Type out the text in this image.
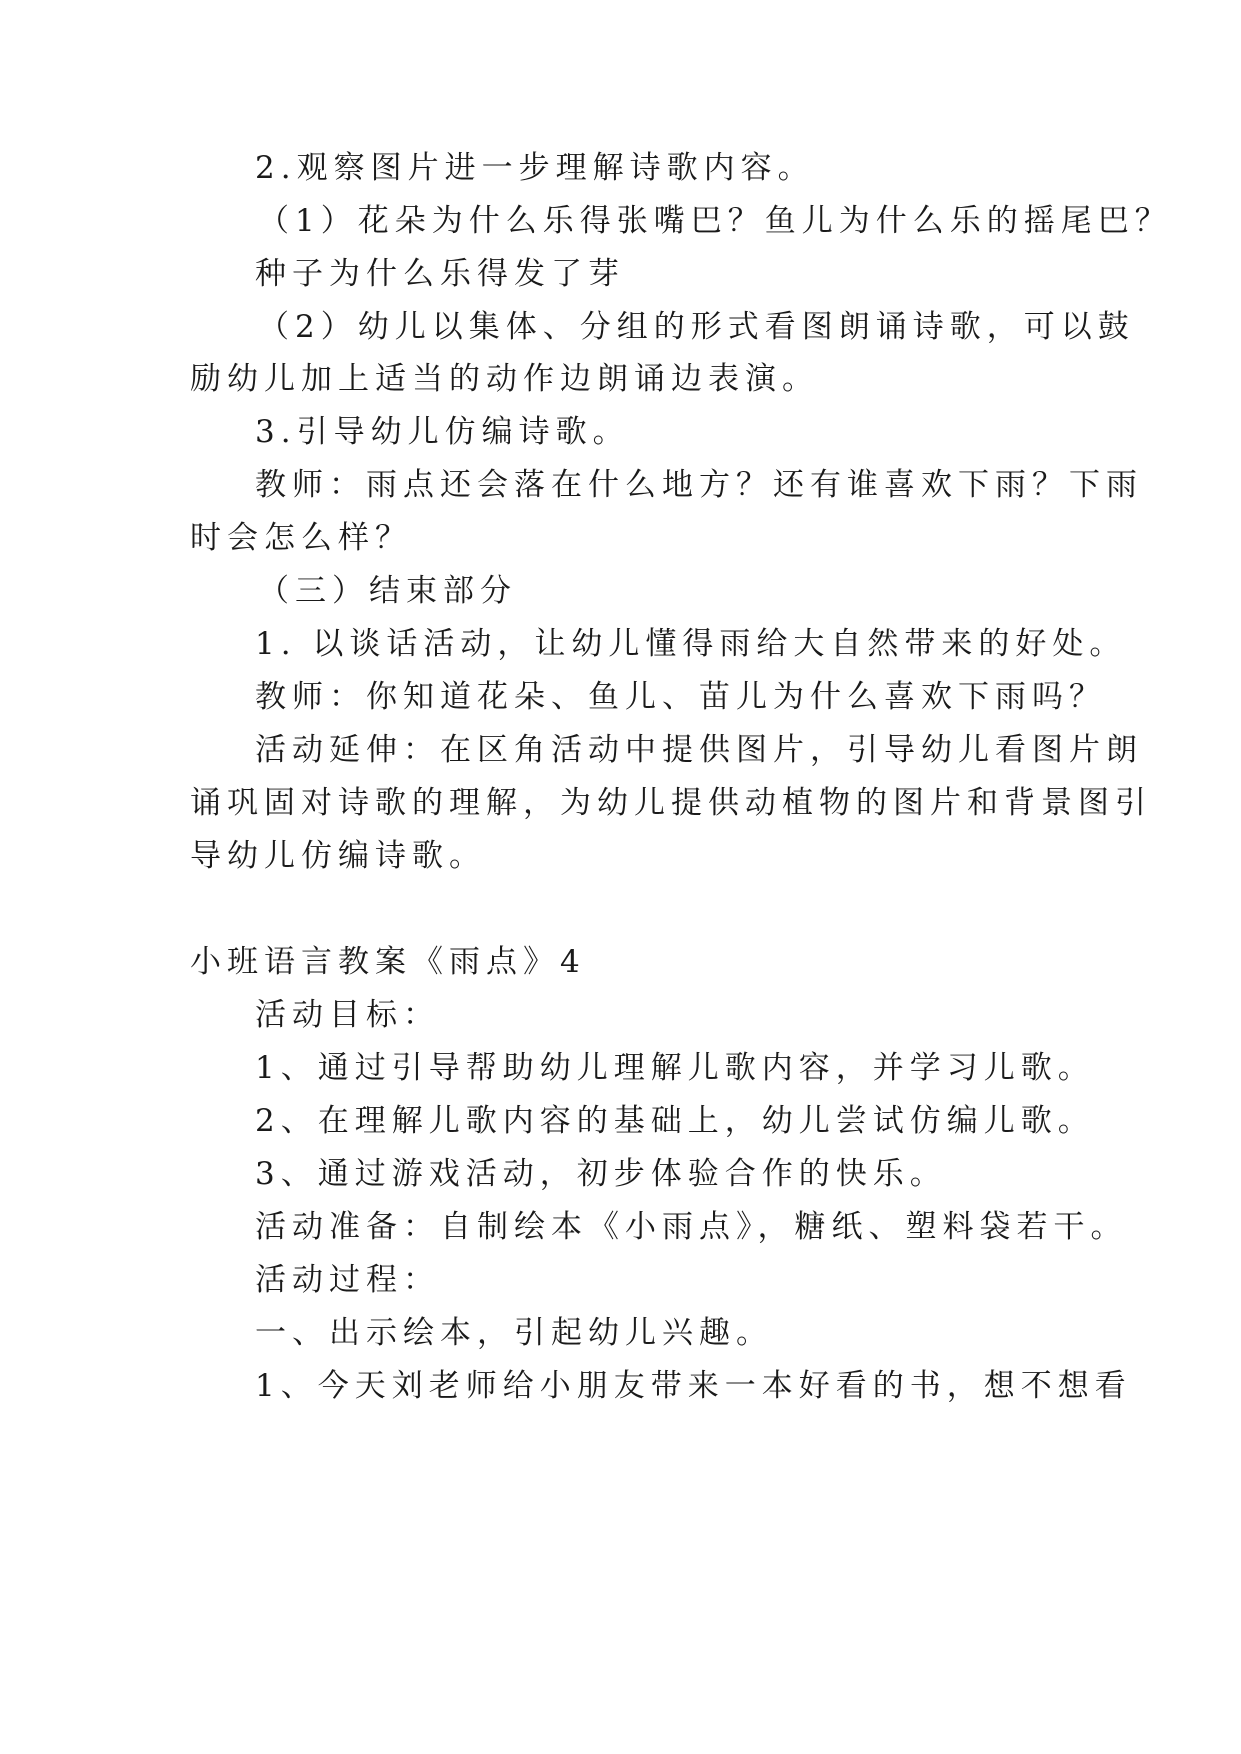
2.观察图片进一步理解诗歌内容。
（1）花朵为什么乐得张嘴巴？鱼儿为什么乐的摇尾巴？
种子为什么乐得发了芽
（2）幼儿以集体、分组的形式看图朗诵诗歌，可以鼓
励幼儿加上适当的动作边朗诵边表演。
3.引导幼儿仿编诗歌。
教师：雨点还会落在什么地方？还有谁喜欢下雨？下雨
时会怎么样？
（三）结束部分
1. 以谈话活动，让幼儿懂得雨给大自然带来的好处。
教师：你知道花朵、鱼儿、苗儿为什么喜欢下雨吗？
活动延伸：在区角活动中提供图片，引导幼儿看图片朗
诵巩固对诗歌的理解，为幼儿提供动植物的图片和背景图引
导幼儿仿编诗歌。
小班语言教案《雨点》4
活动目标：
1、通过引导帮助幼儿理解儿歌内容，并学习儿歌。
2、在理解儿歌内容的基础上，幼儿尝试仿编儿歌。
3、通过游戏活动，初步体验合作的快乐。
活动准备：自制绘本《小雨点》，糖纸、塑料袋若干。
活动过程：
一、出示绘本，引起幼儿兴趣。
1、今天刘老师给小朋友带来一本好看的书，想不想看
